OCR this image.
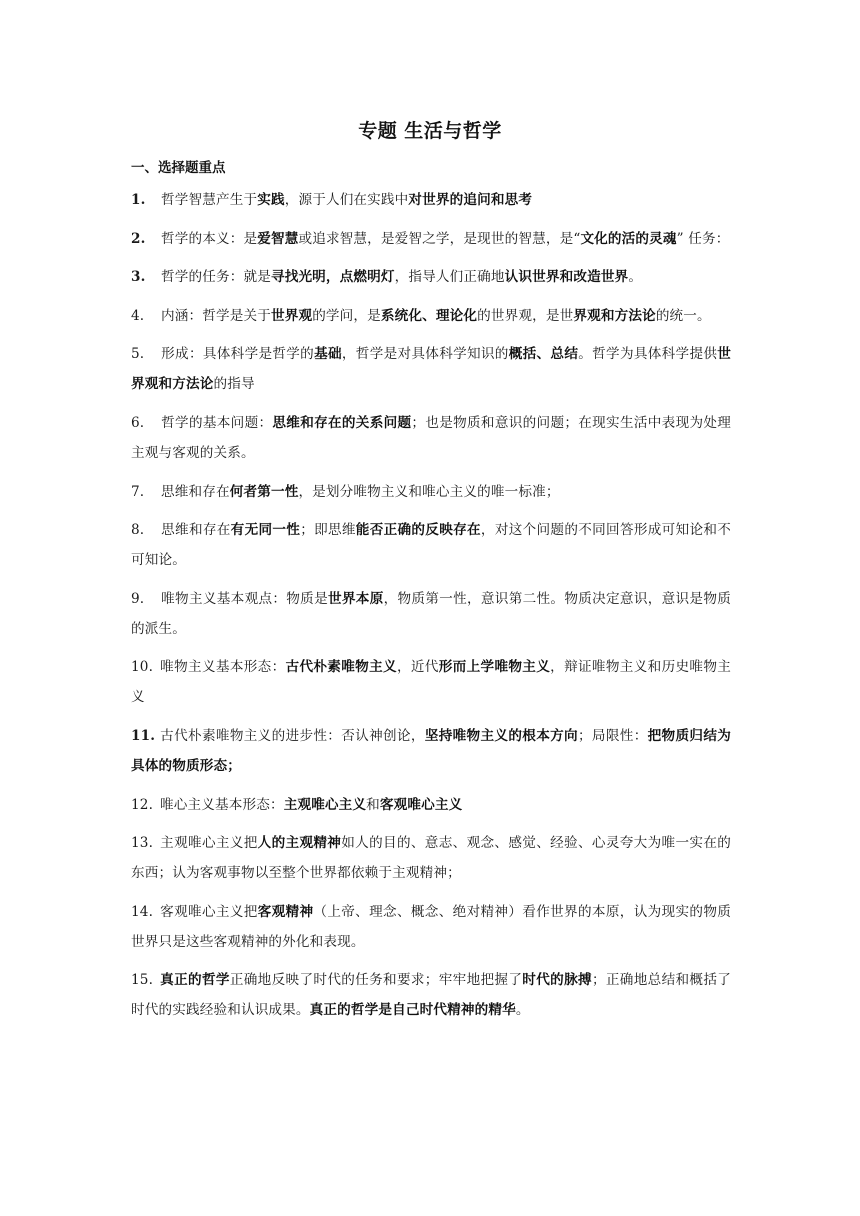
专题 生活与哲学
一、选择题重点
1. 哲学智慧产生于实践，源于人们在实践中对世界的追问和思考
2. 哲学的本义：是爱智慧或追求智慧，是爱智之学，是现世的智慧，是“文化的活的灵魂” 任务：
3. 哲学的任务：就是寻找光明，点燃明灯，指导人们正确地认识世界和改造世界。
4. 内涵：哲学是关于世界观的学问，是系统化、理论化的世界观，是世界观和方法论的统一。
5. 形成：具体科学是哲学的基础，哲学是对具体科学知识的概括、总结。哲学为具体科学提供世界观和方法论的指导
6. 哲学的基本问题：思维和存在的关系问题；也是物质和意识的问题；在现实生活中表现为处理主观与客观的关系。
7. 思维和存在何者第一性，是划分唯物主义和唯心主义的唯一标准；
8. 思维和存在有无同一性；即思维能否正确的反映存在，对这个问题的不同回答形成可知论和不可知论。
9. 唯物主义基本观点：物质是世界本原，物质第一性，意识第二性。物质决定意识，意识是物质的派生。
10. 唯物主义基本形态：古代朴素唯物主义，近代形而上学唯物主义，辩证唯物主义和历史唯物主义
11. 古代朴素唯物主义的进步性：否认神创论，坚持唯物主义的根本方向；局限性：把物质归结为具体的物质形态；
12. 唯心主义基本形态：主观唯心主义和客观唯心主义
13. 主观唯心主义把人的主观精神如人的目的、意志、观念、感觉、经验、心灵夸大为唯一实在的东西；认为客观事物以至整个世界都依赖于主观精神；
14. 客观唯心主义把客观精神（上帝、理念、概念、绝对精神）看作世界的本原，认为现实的物质世界只是这些客观精神的外化和表现。
15. 真正的哲学正确地反映了时代的任务和要求；牢牢地把握了时代的脉搏；正确地总结和概括了时代的实践经验和认识成果。真正的哲学是自己时代精神的精华。
